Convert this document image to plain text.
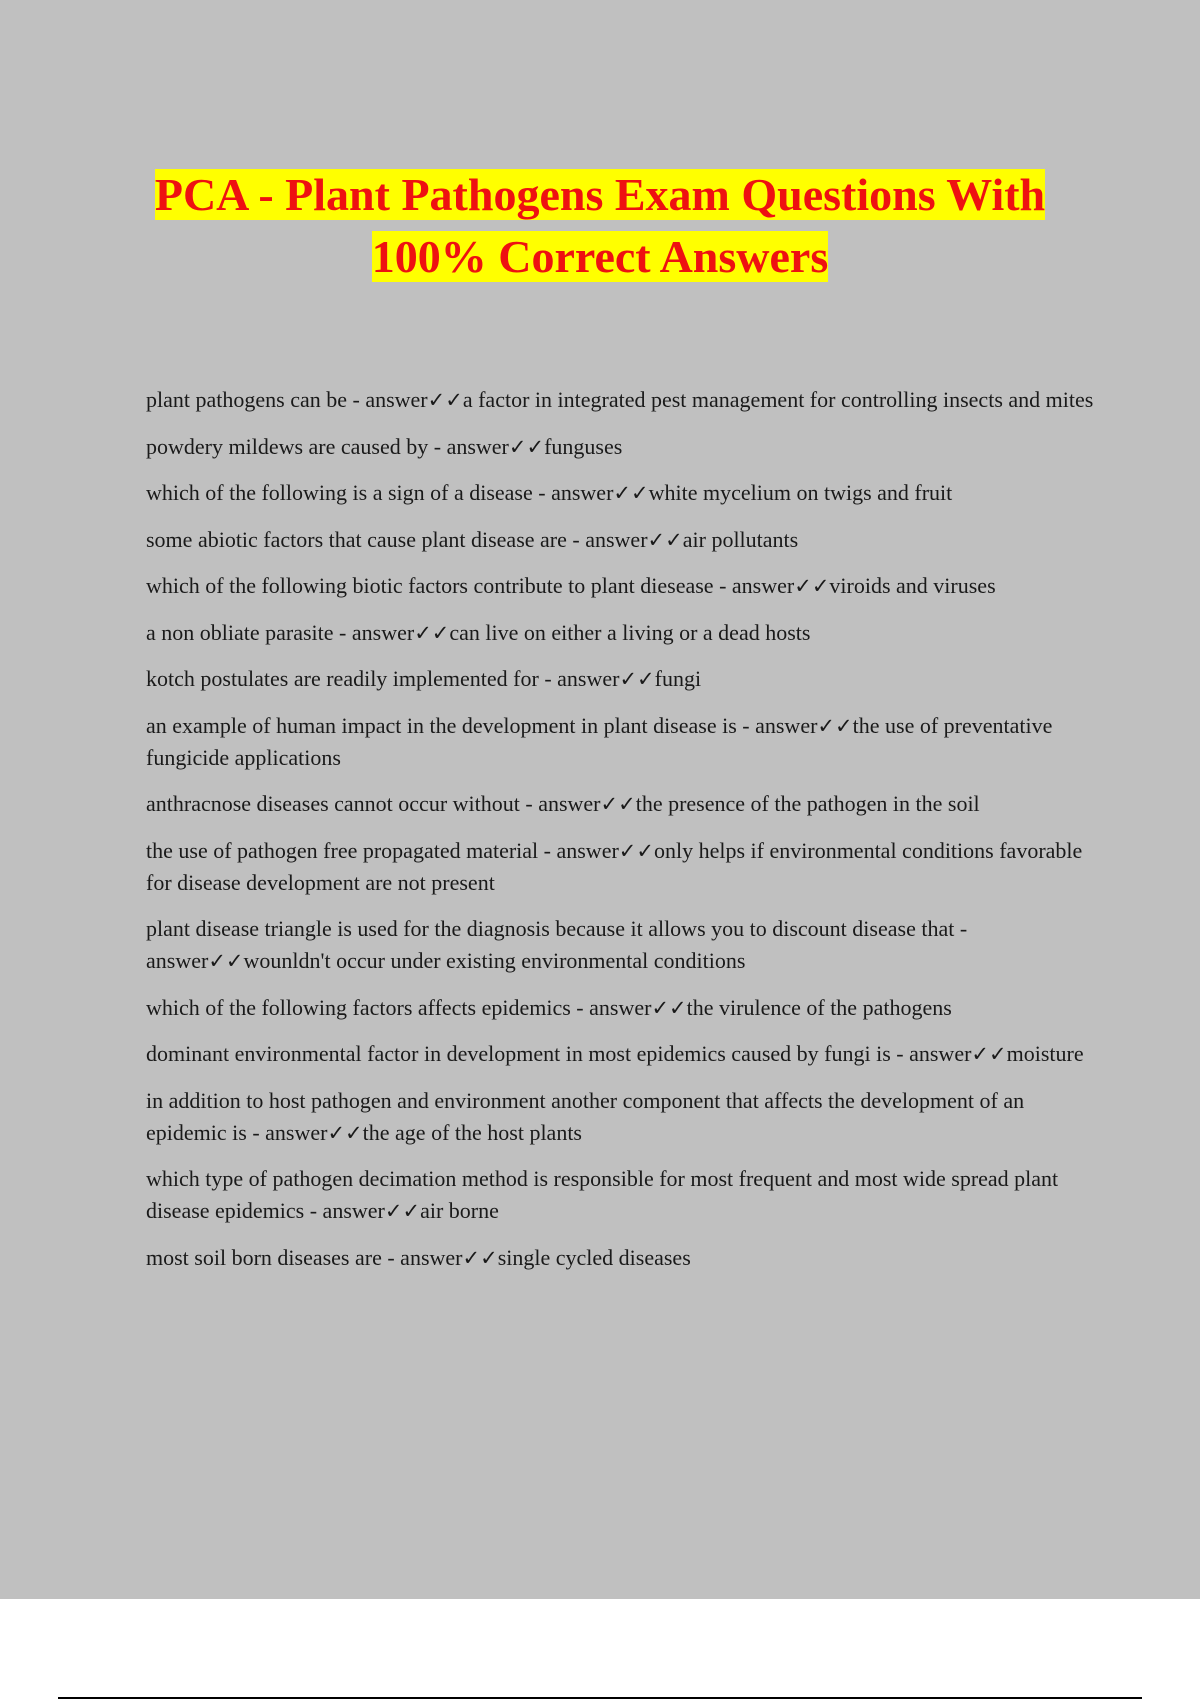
PCA - Plant Pathogens Exam Questions With
100% Correct Answers

plant pathogens can be - answer✓✓a factor in integrated pest management for controlling insects and mites

powdery mildews are caused by - answer✓✓funguses

which of the following is a sign of a disease - answer✓✓white mycelium on twigs and fruit

some abiotic factors that cause plant disease are - answer✓✓air pollutants

which of the following biotic factors contribute to plant diesease - answer✓✓viroids and viruses

a non obliate parasite - answer✓✓can live on either a living or a dead hosts

kotch postulates are readily implemented for - answer✓✓fungi

an example of human impact in the development in plant disease is - answer✓✓the use of preventative fungicide applications

anthracnose diseases cannot occur without - answer✓✓the presence of the pathogen in the soil

the use of pathogen free propagated material - answer✓✓only helps if environmental conditions favorable for disease development are not present

plant disease triangle is used for the diagnosis because it allows you to discount disease that - answer✓✓wounldn't occur under existing environmental conditions

which of the following factors affects epidemics - answer✓✓the virulence of the pathogens

dominant environmental factor in development in most epidemics caused by fungi is - answer✓✓moisture

in addition to host pathogen and environment another component that affects the development of an epidemic is - answer✓✓the age of the host plants

which type of pathogen decimation method is responsible for most frequent and most wide spread plant disease epidemics - answer✓✓air borne

most soil born diseases are - answer✓✓single cycled diseases
